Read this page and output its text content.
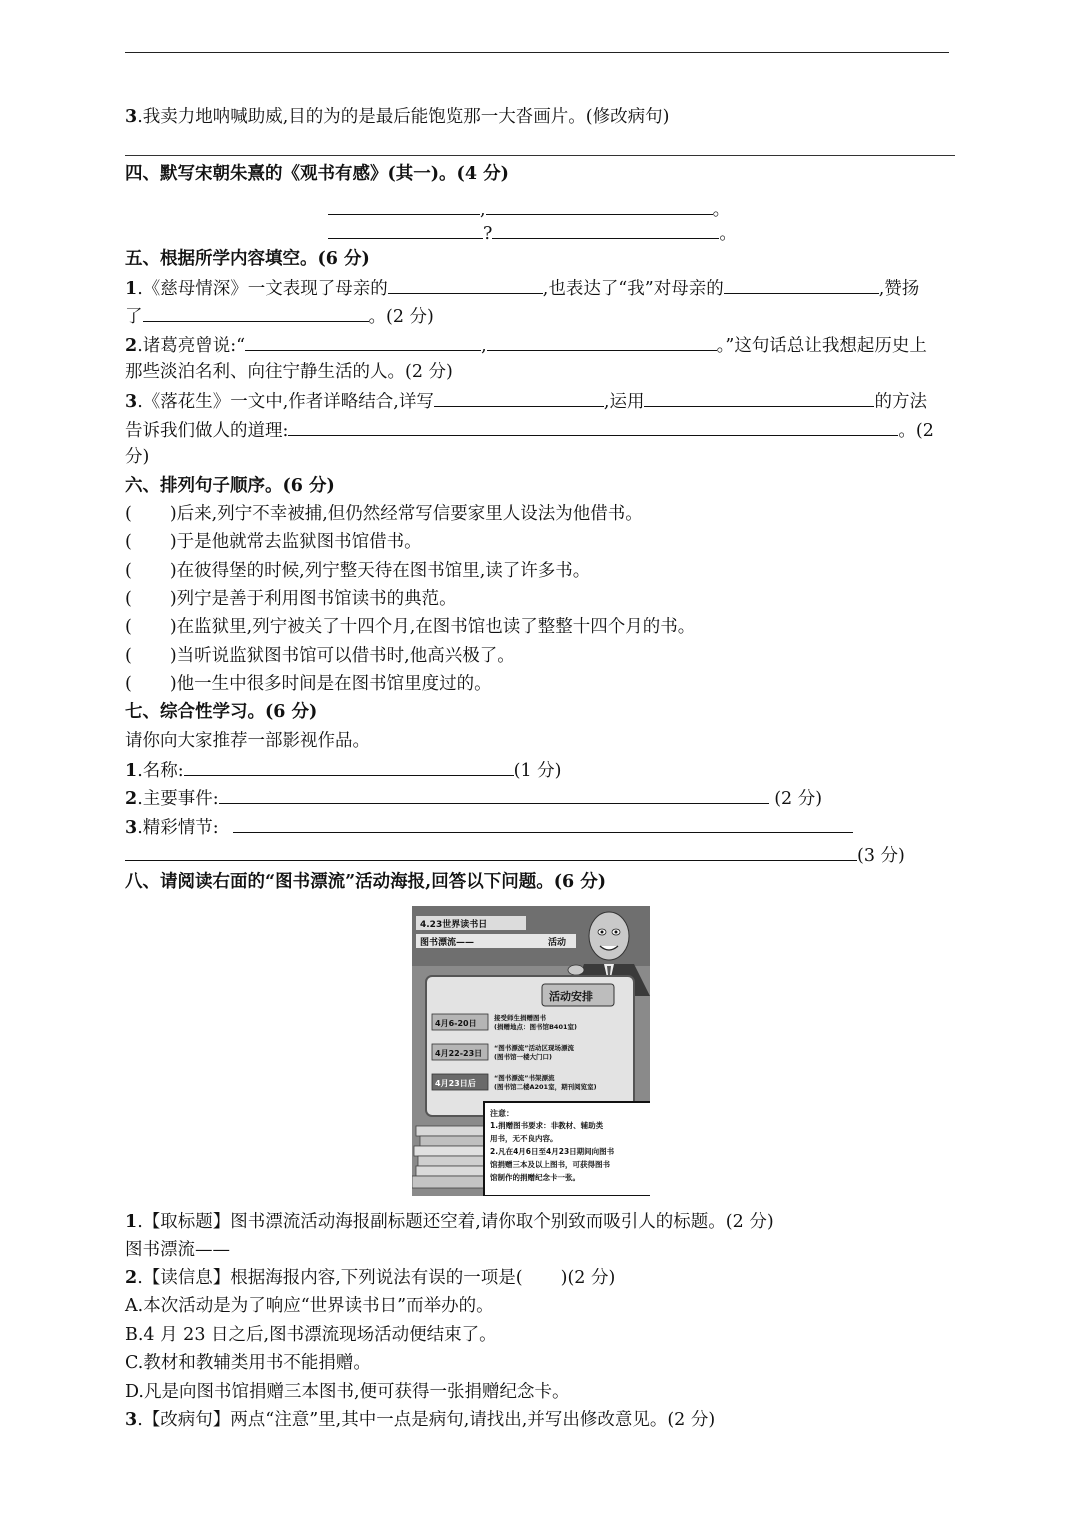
3.我卖力地呐喊助威,目的为的是最后能饱览那一大沓画片。(修改病句)
四、默写宋朝朱熹的《观书有感》(其一)。(4 分)
,	。
?	。
五、根据所学内容填空。(6 分)
1.《慈母情深》一文表现了母亲的	,也表达了“我”对母亲的	,赞扬
了	。(2 分)
2.诸葛亮曾说:“	,	。”这句话总让我想起历史上
那些淡泊名利、向往宁静生活的人。(2 分)
3.《落花生》一文中,作者详略结合,详写	,运用	的方法
告诉我们做人的道理:	。(2
分)
六、排列句子顺序。(6 分)
( )后来,列宁不幸被捕,但仍然经常写信要家里人设法为他借书。
( )于是他就常去监狱图书馆借书。
( )在彼得堡的时候,列宁整天待在图书馆里,读了许多书。
( )列宁是善于利用图书馆读书的典范。
( )在监狱里,列宁被关了十四个月,在图书馆也读了整整十四个月的书。
( )当听说监狱图书馆可以借书时,他高兴极了。
( )他一生中很多时间是在图书馆里度过的。
七、综合性学习。(6 分)
请你向大家推荐一部影视作品。
1.名称:	(1 分)
2.主要事件:	(2 分)
3.精彩情节:
(3 分)
八、请阅读右面的“图书漂流”活动海报,回答以下问题。(6 分)
4.23世界读书日
图书漂流——	活动
活动安排
4月6-20日
接受师生捐赠图书
(捐赠地点：图书馆B401室)
4月22-23日
“图书漂流”活动区现场漂流
(图书馆一楼大门口)
4月23日后
“图书漂流”书架漂流
(图书馆二楼A201室，期刊阅览室)
注意：
1.捐赠图书要求：非教材、辅助类
用书，无不良内容。
2.凡在4月6日至4月23日期间向图书
馆捐赠三本及以上图书，可获得图书
馆制作的捐赠纪念卡一张。
1.【取标题】图书漂流活动海报副标题还空着,请你取个别致而吸引人的标题。(2 分)
图书漂流——
2.【读信息】根据海报内容,下列说法有误的一项是( )(2 分)
A.本次活动是为了响应“世界读书日”而举办的。
B.4 月 23 日之后,图书漂流现场活动便结束了。
C.教材和教辅类用书不能捐赠。
D.凡是向图书馆捐赠三本图书,便可获得一张捐赠纪念卡。
3.【改病句】两点“注意”里,其中一点是病句,请找出,并写出修改意见。(2 分)
